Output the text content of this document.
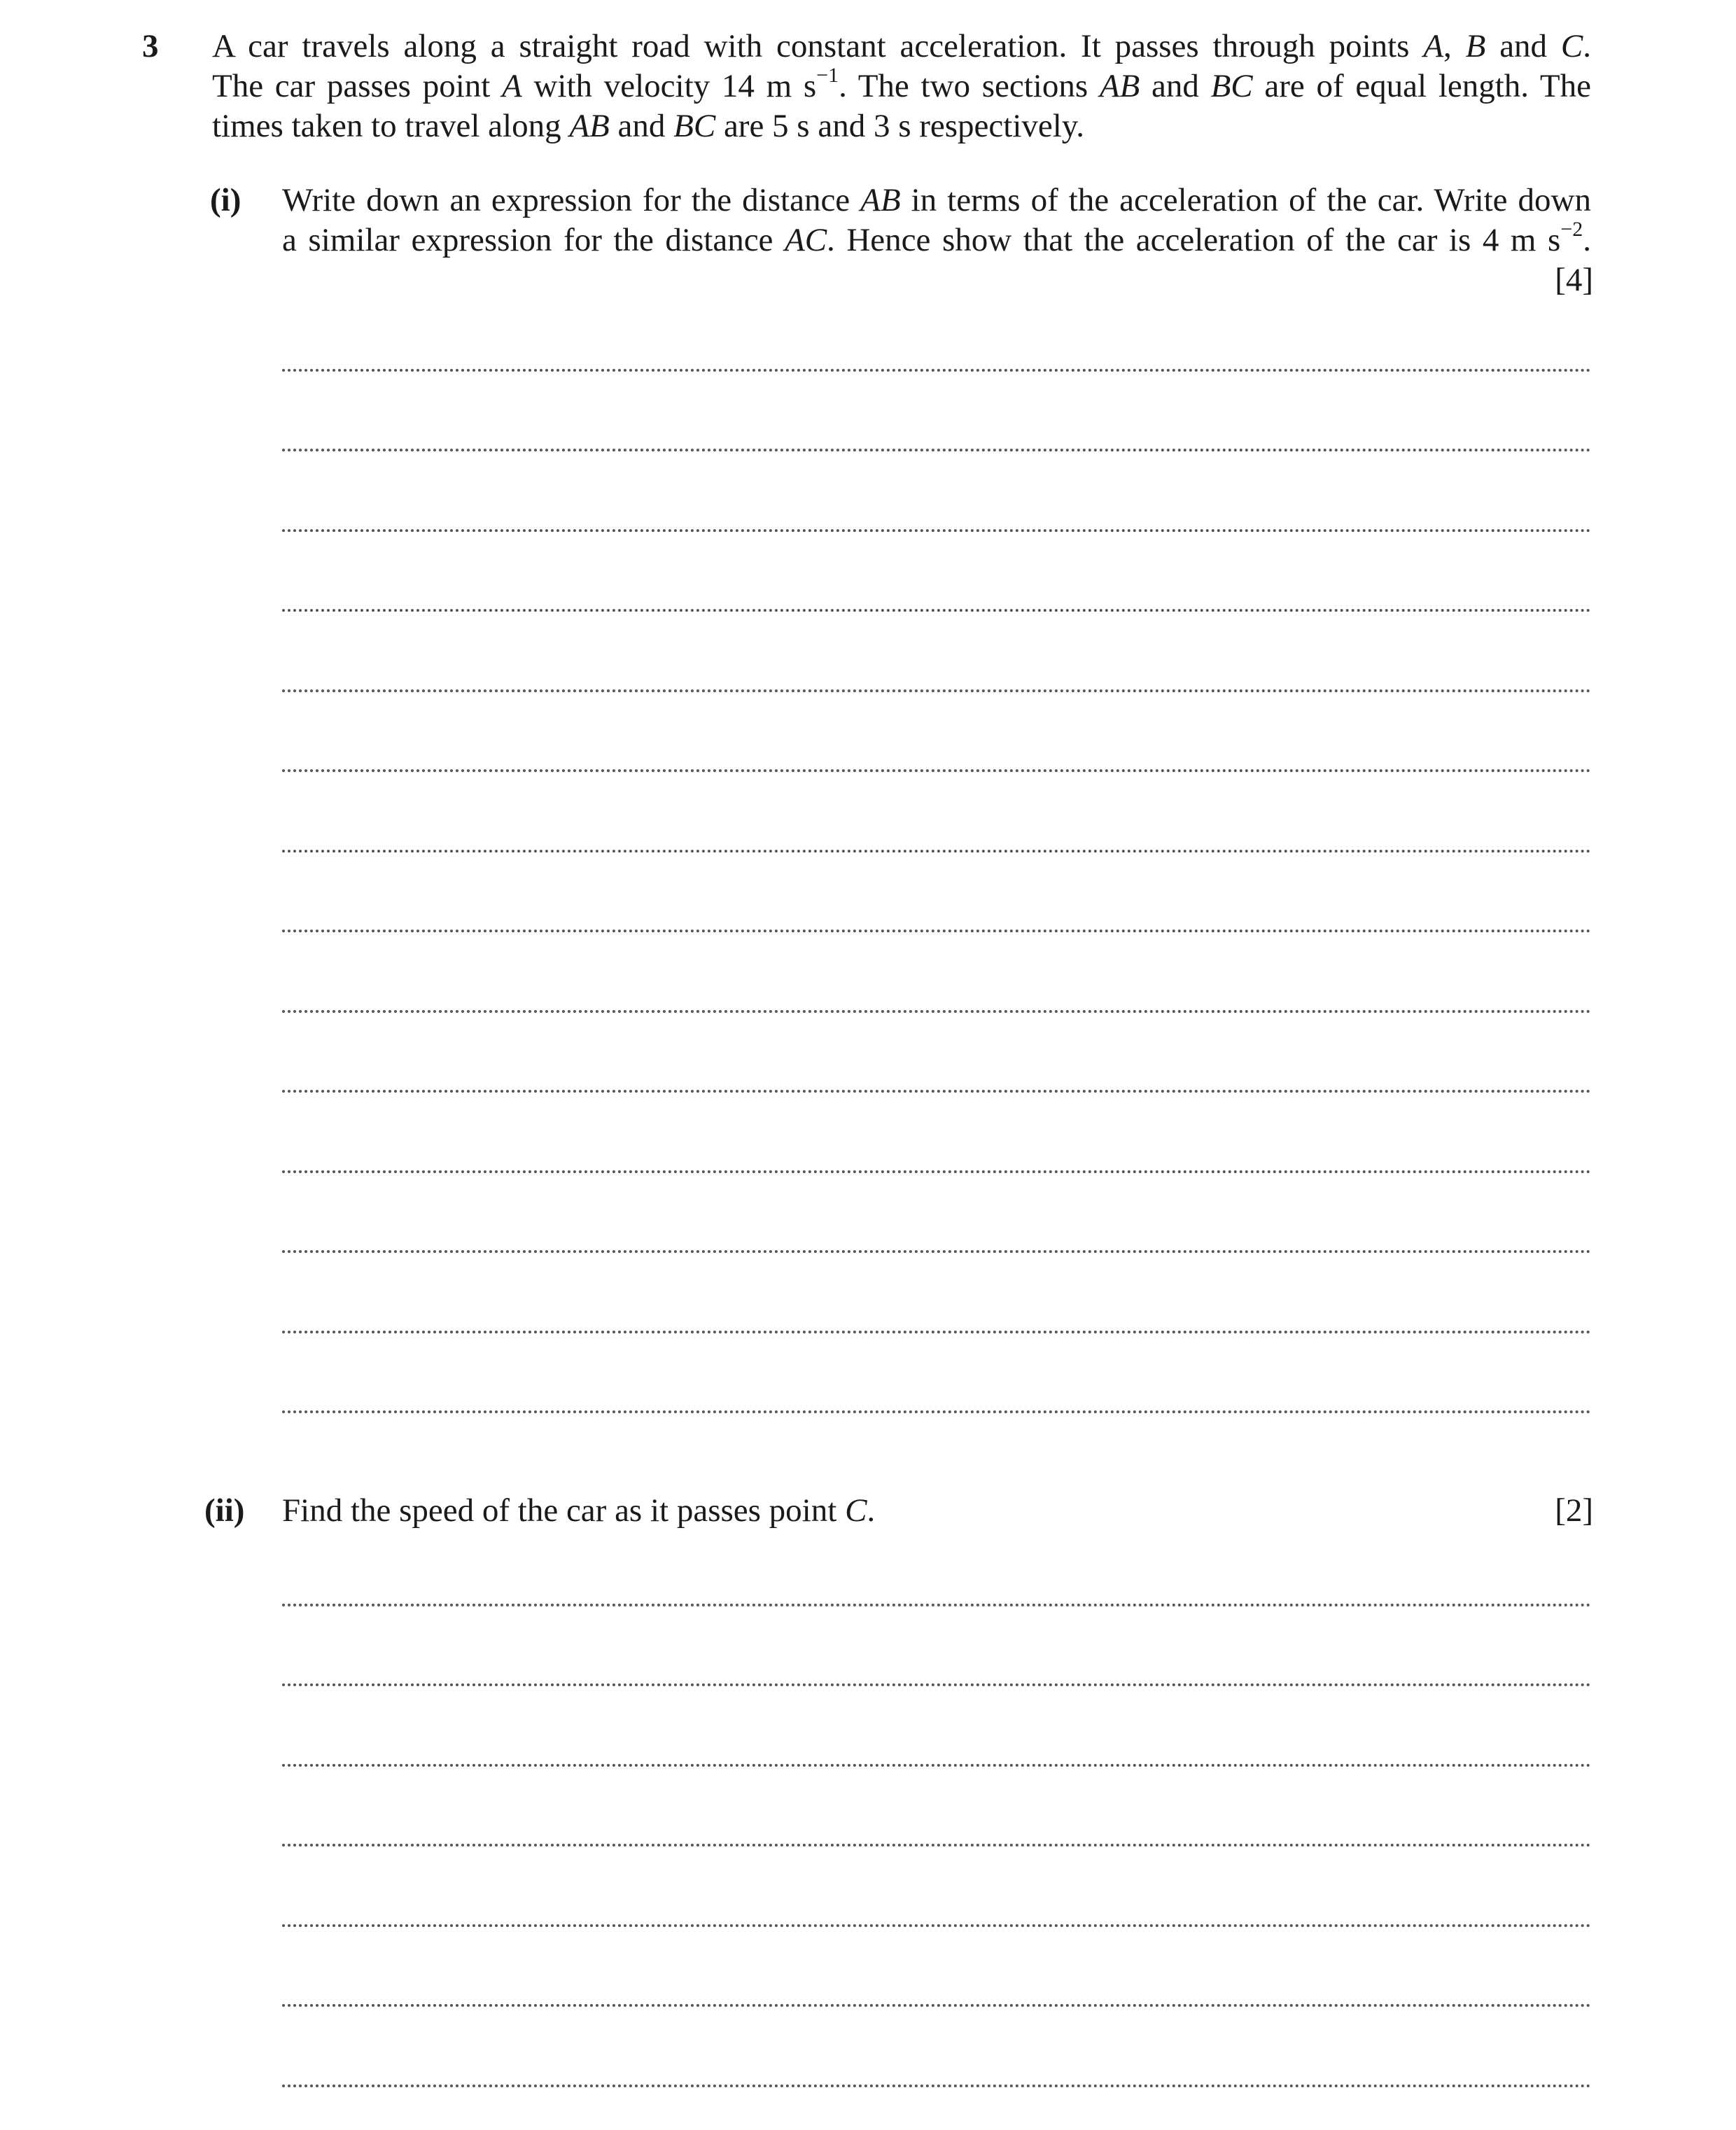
3 A car travels along a straight road with constant acceleration. It passes through points A, B and C.
The car passes point A with velocity 14 m $s^{-1}$. The two sections AB and BC are of equal length. The
times taken to travel along AB and BC are 5 s and 3 s respectively.
(i) Write down an expression for the distance AB in terms of the acceleration of the car. Write down
a similar expression for the distance AC. Hence show that the acceleration of the car is 4 m $s^{-2}$.
[4]
(ii) Find the speed of the car as it passes point C.	[2]
